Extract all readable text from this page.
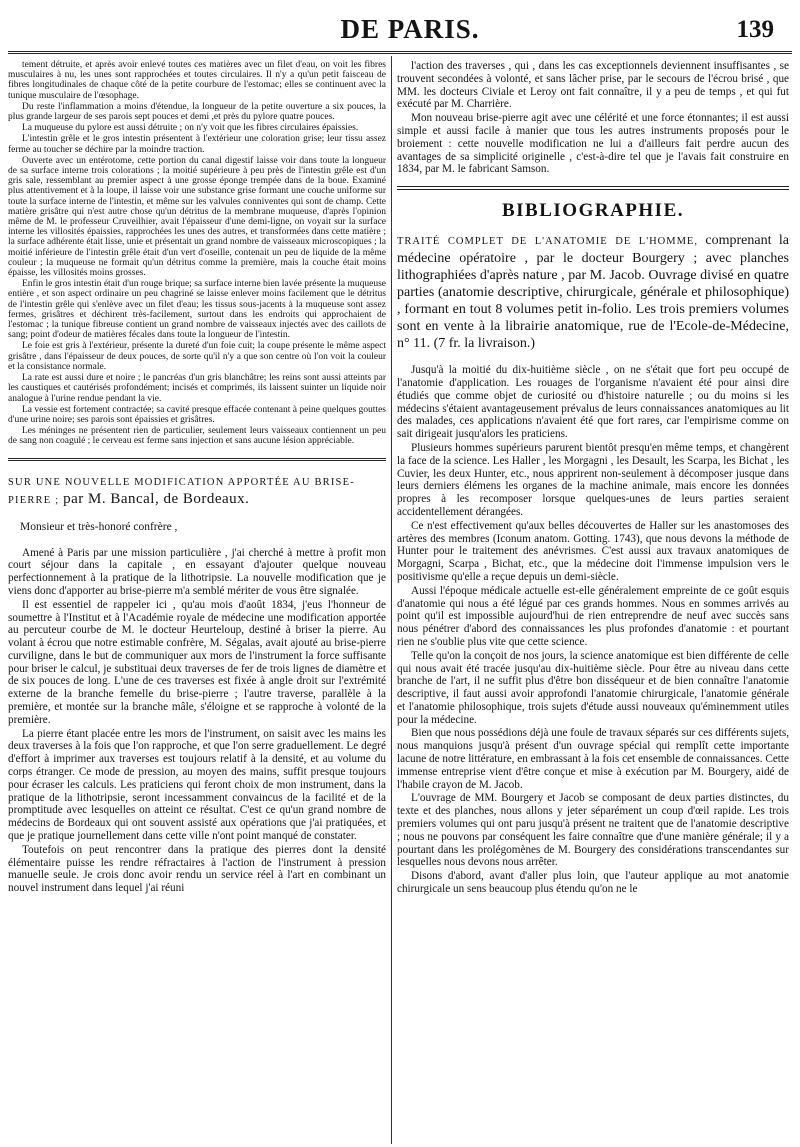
DE PARIS.	139

tement détruite, et après avoir enlevé toutes ces matières avec un filet d'eau, on voit les fibres musculaires à nu, les unes sont rapprochées et toutes circulaires. Il n'y a qu'un petit faisceau de fibres longitudinales de chaque côté de la petite courbure de l'estomac; elles se continuent avec la tunique musculaire de l'œsophage.

Du reste l'inflammation a moins d'étendue, la longueur de la petite ouverture a six pouces, la plus grande largeur de ses parois sept pouces et demi ,et près du pylore quatre pouces.

La muqueuse du pylore est aussi détruite ; on n'y voit que les fibres circulaires épaissies.

L'intestin grêle et le gros intestin présentent à l'extérieur une coloration grise; leur tissu assez ferme au toucher se déchire par la moindre traction.

Ouverte avec un entérotome, cette portion du canal digestif laisse voir dans toute la longueur de sa surface interne trois colorations ; la moitié supérieure à peu près de l'intestin grêle est d'un gris sale, ressemblant au premier aspect à une grosse éponge trempée dans de la boue. Examiné plus attentivement et à la loupe, il laisse voir une substance grise formant une couche uniforme sur toute la surface interne de l'intestin, et même sur les valvules conniventes qui sont de champ. Cette matière grisâtre qui n'est autre chose qu'un détritus de la membrane muqueuse, d'après l'opinion même de M. le professeur Cruveilhier, avait l'épaisseur d'une demi-ligne, on voyait sur la surface interne les villosités épaissies, rapprochées les unes des autres, et transformées dans cette matière ; la surface adhérente était lisse, unie et présentait un grand nombre de vaisseaux microscopiques ; la moitié inférieure de l'intestin grêle était d'un vert d'oseille, contenait un peu de liquide de la même couleur ; la muqueuse ne formait qu'un détritus comme la première, mais la couche était moins épaisse, les villosités moins grosses.

Enfin le gros intestin était d'un rouge brique; sa surface interne bien lavée présente la muqueuse entière , et son aspect ordinaire un peu chagriné se laisse enlever moins facilement que le détritus de l'intestin grêle qui s'enlève avec un filet d'eau; les tissus sous-jacents à la muqueuse sont assez fermes, grisâtres et déchirent très-facilement, surtout dans les endroits qui approchaient de l'estomac ; la tunique fibreuse contient un grand nombre de vaisseaux injectés avec des caillots de sang; point d'odeur de matières fécales dans toute la longueur de l'intestin.

Le foie est gris à l'extérieur, présente la dureté d'un foie cuit; la coupe présente le même aspect grisâtre , dans l'épaisseur de deux pouces, de sorte qu'il n'y a que son centre où l'on voit la couleur et la consistance normale.

La rate est aussi dure et noire ; le pancréas d'un gris blanchâtre; les reins sont aussi atteints par les caustiques et cautérisés profondément; incisés et comprimés, ils laissent suinter un liquide noir analogue à l'urine rendue pendant la vie.

La vessie est fortement contractée; sa cavité presque effacée contenant à peine quelques gouttes d'une urine noire; ses parois sont épaissies et grisâtres.

Les méninges ne présentent rien de particulier, seulement leurs vaisseaux contiennent un peu de sang non coagulé ; le cerveau est ferme sans injection et sans aucune lésion appréciable.

SUR UNE NOUVELLE MODIFICATION APPORTÉE AU BRISE-PIERRE ; par M. Bancal, de Bordeaux.
Monsieur et très-honoré confrère ,

Amené à Paris par une mission particulière , j'ai cherché à mettre à profit mon court séjour dans la capitale , en essayant d'ajouter quelque nouveau perfectionnement à la pratique de la lithotripsie. La nouvelle modification que je viens donc d'apporter au brise-pierre m'a semblé mériter de vous être signalée.

Il est essentiel de rappeler ici , qu'au mois d'août 1834, j'eus l'honneur de soumettre à l'Institut et à l'Académie royale de médecine une modification apportée au percuteur courbe de M. le docteur Heurteloup, destiné à briser la pierre. Au volant à écrou que notre estimable confrère, M. Ségalas, avait ajouté au brise-pierre curviligne, dans le but de communiquer aux mors de l'instrument la force suffisante pour briser le calcul, je substituai deux traverses de fer de trois lignes de diamètre et de six pouces de long. L'une de ces traverses est fixée à angle droit sur l'extrémité externe de la branche femelle du brise-pierre ; l'autre traverse, parallèle à la première, et montée sur la branche mâle, s'éloigne et se rapproche à volonté de la première.

La pierre étant placée entre les mors de l'instrument, on saisit avec les mains les deux traverses à la fois que l'on rapproche, et que l'on serre graduellement. Le degré d'effort à imprimer aux traverses est toujours relatif à la densité, et au volume du corps étranger. Ce mode de pression, au moyen des mains, suffit presque toujours pour écraser les calculs. Les praticiens qui feront choix de mon instrument, dans la pratique de la lithotripsie, seront incessamment convaincus de la facilité et de la promptitude avec lesquelles on atteint ce résultat. C'est ce qu'un grand nombre de médecins de Bordeaux qui ont souvent assisté aux opérations que j'ai pratiquées, et que je pratique journellement dans cette ville n'ont point manqué de constater.

Toutefois on peut rencontrer dans la pratique des pierres dont la densité élémentaire puisse les rendre réfractaires à l'action de l'instrument à pression manuelle seule. Je crois donc avoir rendu un service réel à l'art en combinant un nouvel instrument dans lequel j'ai réuni

l'action des traverses , qui , dans les cas exceptionnels deviennent insuffisantes , se trouvent secondées à volonté, et sans lâcher prise, par le secours de l'écrou brisé , que MM. les docteurs Civiale et Leroy ont fait connaître, il y a peu de temps , et qui fut exécuté par M. Charrière.

Mon nouveau brise-pierre agit avec une célérité et une force étonnantes; il est aussi simple et aussi facile à manier que tous les autres instruments proposés pour le broiement : cette nouvelle modification ne lui a d'ailleurs fait perdre aucun des avantages de sa simplicité originelle , c'est-à-dire tel que je l'avais fait construire en 1834, par M. le fabricant Samson.

BIBLIOGRAPHIE.
TRAITÉ COMPLET DE L'ANATOMIE DE L'HOMME, comprenant la médecine opératoire , par le docteur Bourgery ; avec planches lithographiées d'après nature , par M. Jacob. Ouvrage divisé en quatre parties (anatomie descriptive, chirurgicale, générale et philosophique) , formant en tout 8 volumes petit in-folio. Les trois premiers volumes sont en vente à la librairie anatomique, rue de l'Ecole-de-Médecine, n° 11. (7 fr. la livraison.)

Jusqu'à la moitié du dix-huitième siècle , on ne s'était que fort peu occupé de l'anatomie d'application. Les rouages de l'organisme n'avaient été pour ainsi dire étudiés que comme objet de curiosité ou d'histoire naturelle ; ou du moins si les médecins s'étaient avantageusement prévalus de leurs connaissances anatomiques au lit des malades, ces applications n'avaient été que fort rares, car l'empirisme comme on sait dirigeait jusqu'alors les praticiens.

Plusieurs hommes supérieurs parurent bientôt presqu'en même temps, et changèrent la face de la science. Les Haller , les Morgagni , les Desault, les Scarpa, les Bichat , les Cuvier, les deux Hunter, etc., nous apprirent non-seulement à décomposer jusque dans leurs derniers élémens les organes de la machine animale, mais encore les données propres à les recomposer lorsque quelques-unes de leurs parties seraient accidentellement dérangées.

Ce n'est effectivement qu'aux belles découvertes de Haller sur les anastomoses des artères des membres (Iconum anatom. Gotting. 1743), que nous devons la méthode de Hunter pour le traitement des anévrismes. C'est aussi aux travaux anatomiques de Morgagni, Scarpa , Bichat, etc., que la médecine doit l'immense impulsion vers le positivisme qu'elle a reçue depuis un demi-siècle.

Aussi l'époque médicale actuelle est-elle généralement empreinte de ce goût esquis d'anatomie qui nous a été légué par ces grands hommes. Nous en sommes arrivés au point qu'il est impossible aujourd'hui de rien entreprendre de neuf avec succès sans nous pénétrer d'abord des connaissances les plus profondes d'anatomie : et pourtant rien ne s'oublie plus vite que cette science.

Telle qu'on la conçoit de nos jours, la science anatomique est bien différente de celle qui nous avait été tracée jusqu'au dix-huitième siècle. Pour être au niveau dans cette branche de l'art, il ne suffit plus d'être bon disséqueur et de bien connaître l'anatomie descriptive, il faut aussi avoir approfondi l'anatomie chirurgicale, l'anatomie générale et l'anatomie philosophique, trois sujets d'étude aussi nouveaux qu'éminemment utiles pour la médecine.

Bien que nous possédions déjà une foule de travaux séparés sur ces différents sujets, nous manquions jusqu'à présent d'un ouvrage spécial qui remplît cette importante lacune de notre littérature, en embrassant à la fois cet ensemble de connaissances. Cette immense entreprise vient d'être conçue et mise à exécution par M. Bourgery, aidé de l'habile crayon de M. Jacob.

L'ouvrage de MM. Bourgery et Jacob se composant de deux parties distinctes, du texte et des planches, nous allons y jeter séparément un coup d'œil rapide. Les trois premiers volumes qui ont paru jusqu'à présent ne traitent que de l'anatomie descriptive ; nous ne pouvons par conséquent les faire connaître que d'une manière générale; il y a pourtant dans les prolégomènes de M. Bourgery des considérations transcendantes sur lesquelles nous devons nous arrêter.

Disons d'abord, avant d'aller plus loin, que l'auteur applique au mot anatomie chirurgicale un sens beaucoup plus étendu qu'on ne le
